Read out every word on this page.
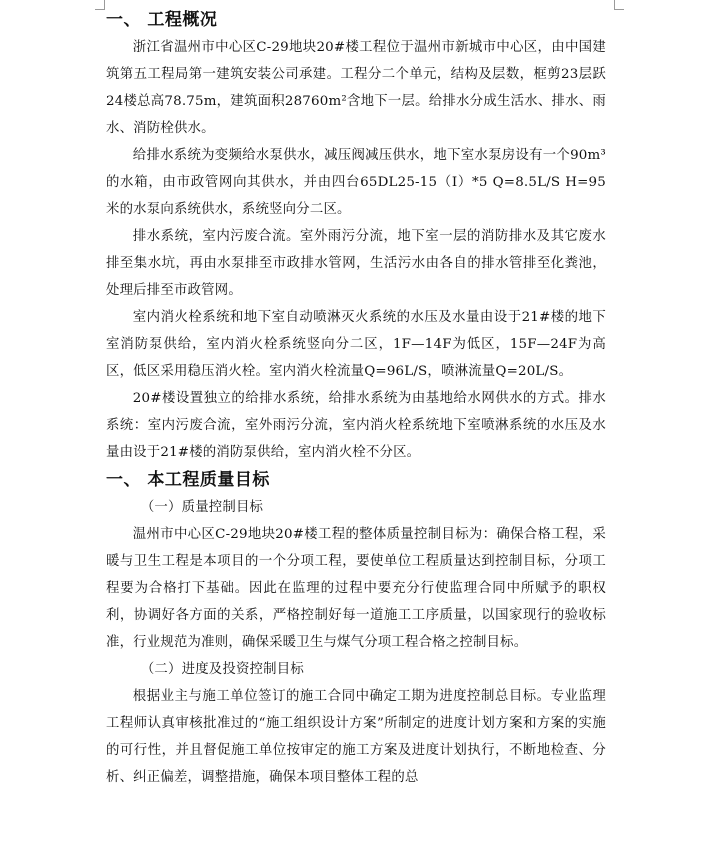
一、 工程概况

浙江省温州市中心区C-29地块20#楼工程位于温州市新城市中心区，由中国建筑第五工程局第一建筑安装公司承建。工程分二个单元，结构及层数，框剪23层跃24楼总高78.75m，建筑面积28760m²含地下一层。给排水分成生活水、排水、雨水、消防栓供水。

给排水系统为变频给水泵供水，减压阀减压供水，地下室水泵房设有一个90m³的水箱，由市政管网向其供水，并由四台65DL25-15（I）*5 Q=8.5L/S H=95米的水泵向系统供水，系统竖向分二区。

排水系统，室内污废合流。室外雨污分流，地下室一层的消防排水及其它废水排至集水坑，再由水泵排至市政排水管网，生活污水由各自的排水管排至化粪池，处理后排至市政管网。

室内消火栓系统和地下室自动喷淋灭火系统的水压及水量由设于21#楼的地下室消防泵供给，室内消火栓系统竖向分二区，1F—14F为低区，15F—24F为高区，低区采用稳压消火栓。室内消火栓流量Q=96L/S，喷淋流量Q=20L/S。

20#楼设置独立的给排水系统，给排水系统为由基地给水网供水的方式。排水系统：室内污废合流，室外雨污分流，室内消火栓系统地下室喷淋系统的水压及水量由设于21#楼的消防泵供给，室内消火栓不分区。

一、 本工程质量目标

（一）质量控制目标

温州市中心区C-29地块20#楼工程的整体质量控制目标为：确保合格工程，采暖与卫生工程是本项目的一个分项工程，要使单位工程质量达到控制目标，分项工程要为合格打下基础。因此在监理的过程中要充分行使监理合同中所赋予的职权利，协调好各方面的关系，严格控制好每一道施工工序质量，以国家现行的验收标准，行业规范为准则，确保采暖卫生与煤气分项工程合格之控制目标。

（二）进度及投资控制目标

根据业主与施工单位签订的施工合同中确定工期为进度控制总目标。专业监理工程师认真审核批准过的“施工组织设计方案”所制定的进度计划方案和方案的实施的可行性，并且督促施工单位按审定的施工方案及进度计划执行，不断地检查、分析、纠正偏差，调整措施，确保本项目整体工程的总
